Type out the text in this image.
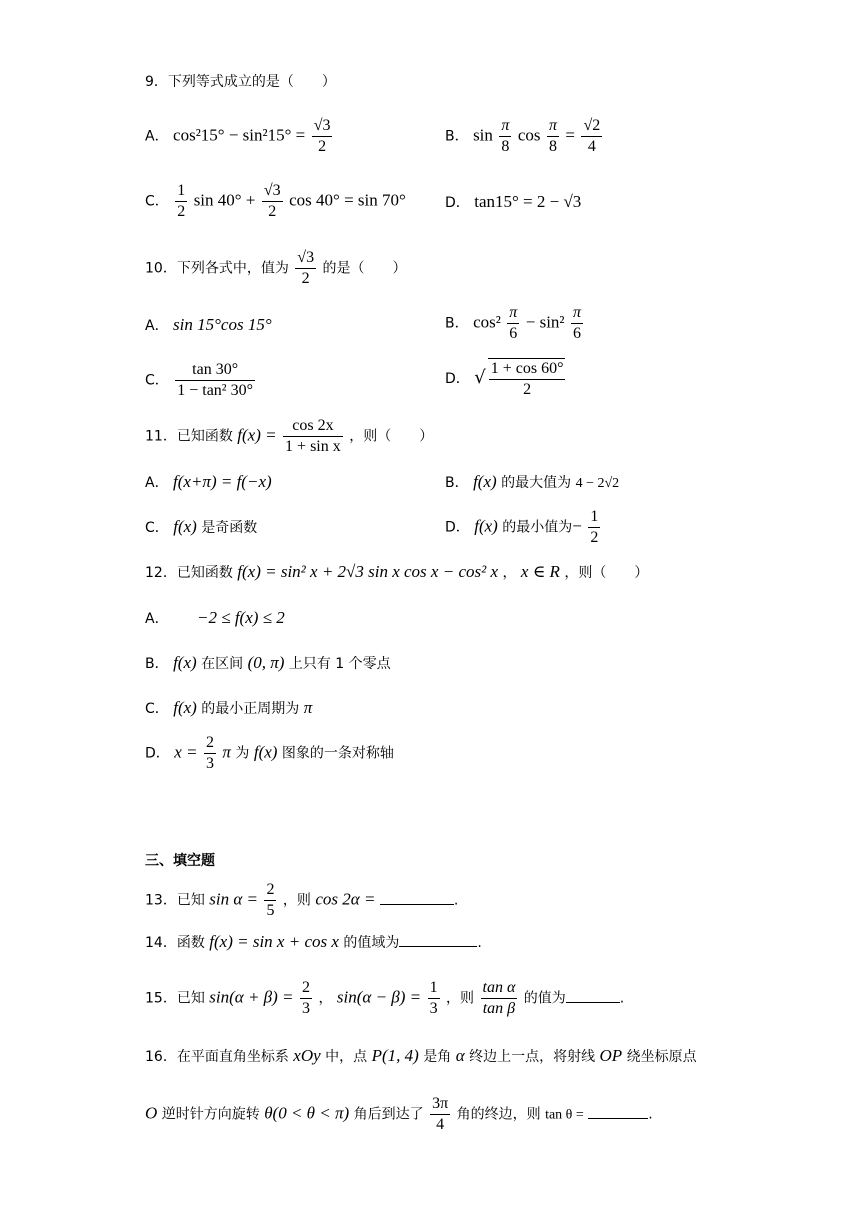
9．下列等式成立的是（　　）
A． $\cos^215^\circ - \sin^215^\circ = \frac{√3}{2}$	B． $\sin \frac{\pi}{8}$ $\cos \frac{\pi}{8} = \frac{√2}{4}$
C． $\frac{1}{2}$ $\sin 40^\circ + \frac{√3}{2}$ cos 40° = sin 70°	D． tan15° = 2 − √3
10．下列各式中，值为 $\frac{√3}{2}$ 的是（　　）
A． sin 15°cos 15°	B． $\cos^2 \frac{\pi}{6} - \sin^2 \frac{\pi}{6}$
C． $\frac{\tan 30^\circ}{\text{1 − tan² 30°}}$	D． √ $\frac{1 + \cos 60^\circ}{2}$
11．已知函数 $f(x) = \frac{\cos 2x}{\text{1 + sin x}}$ ，则（　　）
A． f(x+π) = f(−x)	B． f(x) 的最大值为 4 − 2√2
C． f(x) 是奇函数	D． f(x) 的最小值为− $\frac{1}{2}$
12．已知函数 f(x) = sin² x + 2√3 sin x cos x − cos² x ， x ∈ R ，则（　　）
A． −2 ≤ f(x) ≤ 2
B． f(x) 在区间 (0, π) 上只有 1 个零点
C． f(x) 的最小正周期为 π
D． $x = \frac{2}{3}$ π 为 f(x) 图象的一条对称轴
三、填空题
13．已知 $\sin \alpha = \frac{2}{5}$ ，则 cos 2α =	.
14．函数 f(x) = sin x + cos x 的值域为	.
15．已知 $\sin(\alpha + \beta) = \frac{2}{3}$ ， $\sin(\alpha - \beta) = \frac{1}{3}$ ，则 $\frac{\text{tan α}}{\text{tan β}}$ 的值为	.
16．在平面直角坐标系 xOy 中，点 P(1, 4) 是角 α 终边上一点，将射线 OP 绕坐标原点
O 逆时针方向旋转 θ(0 < θ < π) 角后到达了 $\frac{3\pi}{4}$ 角的终边，则 tan θ =	.
